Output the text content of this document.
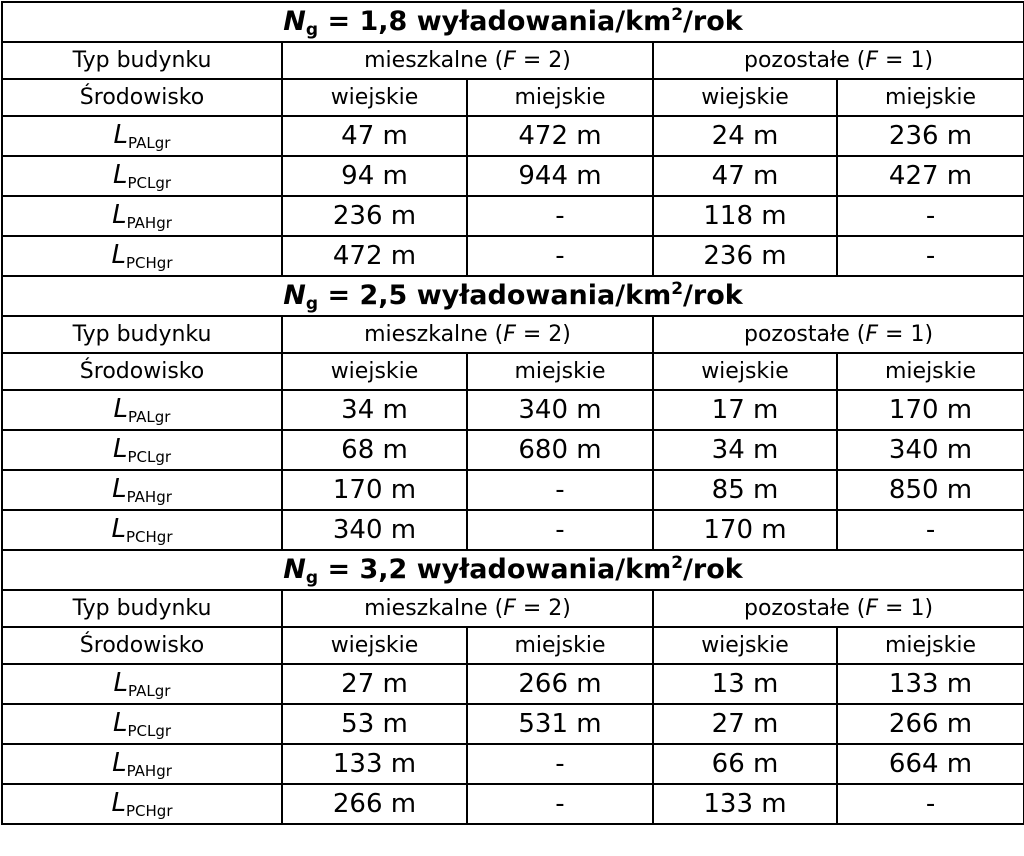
Ng = 1,8 wyładowania/$km^2$/rok				
Typ budynku	mieszkalne (F = 2)		pozostałe (F = 1)	
Środowisko	wiejskie	miejskie	wiejskie	miejskie
$L_{PALgr}$	47 m	472 m	24 m	236 m
$L_{PCLgr}$	94 m	944 m	47 m	427 m
$L_{PAHgr}$	236 m	-	118 m	-
$L_{PCHgr}$	472 m	-	236 m	-
Ng = 2,5 wyładowania/$km^2$/rok				
Typ budynku	mieszkalne (F = 2)		pozostałe (F = 1)	
Środowisko	wiejskie	miejskie	wiejskie	miejskie
$L_{PALgr}$	34 m	340 m	17 m	170 m
$L_{PCLgr}$	68 m	680 m	34 m	340 m
$L_{PAHgr}$	170 m	-	85 m	850 m
$L_{PCHgr}$	340 m	-	170 m	-
Ng = 3,2 wyładowania/$km^2$/rok				
Typ budynku	mieszkalne (F = 2)		pozostałe (F = 1)	
Środowisko	wiejskie	miejskie	wiejskie	miejskie
$L_{PALgr}$	27 m	266 m	13 m	133 m
$L_{PCLgr}$	53 m	531 m	27 m	266 m
$L_{PAHgr}$	133 m	-	66 m	664 m
$L_{PCHgr}$	266 m	-	133 m	-
